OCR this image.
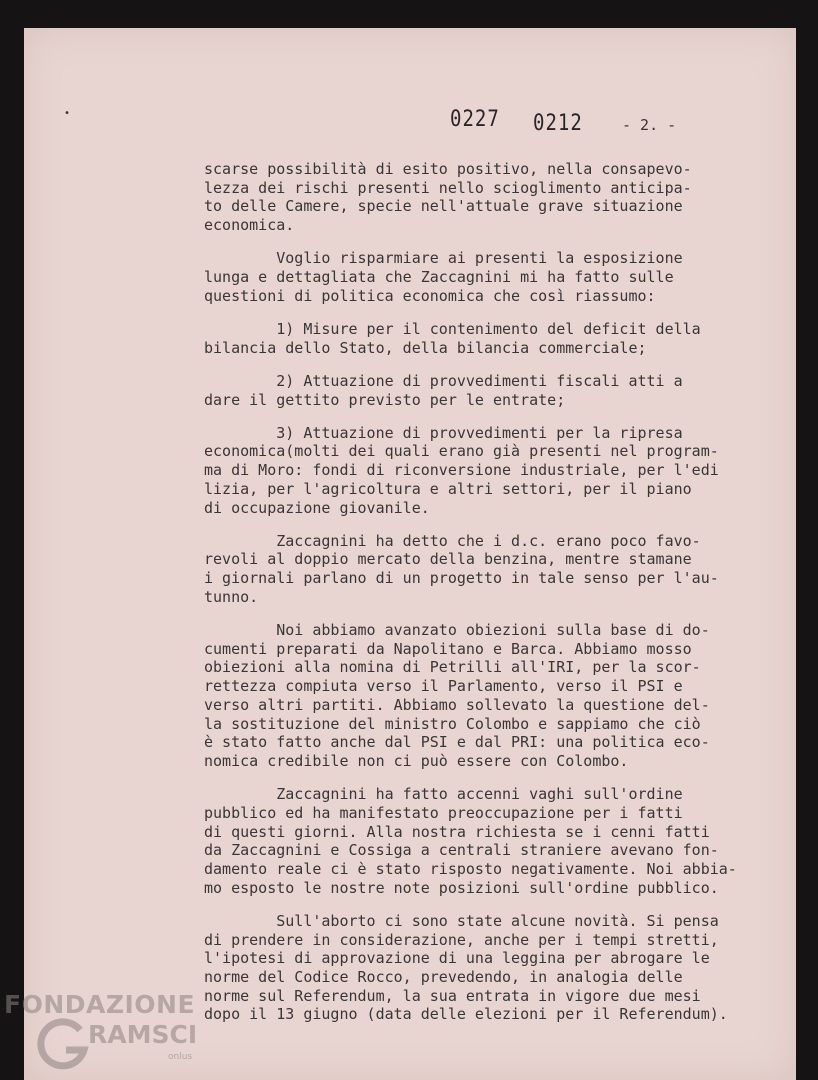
•	0227 0212	- 2. -
scarse possibilità di esito positivo, nella consapevo-
lezza dei rischi presenti nello scioglimento anticipa-
to delle Camere, specie nell'attuale grave situazione
economica.
Voglio risparmiare ai presenti la esposizione
lunga e dettagliata che Zaccagnini mi ha fatto sulle
questioni di politica economica che così riassumo:
1) Misure per il contenimento del deficit della
bilancia dello Stato, della bilancia commerciale;
2) Attuazione di provvedimenti fiscali atti a
dare il gettito previsto per le entrate;
3) Attuazione di provvedimenti per la ripresa
economica(molti dei quali erano già presenti nel program-
ma di Moro: fondi di riconversione industriale, per l'edi
lizia, per l'agricoltura e altri settori, per il piano
di occupazione giovanile.
Zaccagnini ha detto che i d.c. erano poco favo-
revoli al doppio mercato della benzina, mentre stamane
i giornali parlano di un progetto in tale senso per l'au-
tunno.
Noi abbiamo avanzato obiezioni sulla base di do-
cumenti preparati da Napolitano e Barca. Abbiamo mosso
obiezioni alla nomina di Petrilli all'IRI, per la scor-
rettezza compiuta verso il Parlamento, verso il PSI e
verso altri partiti. Abbiamo sollevato la questione del-
la sostituzione del ministro Colombo e sappiamo che ciò
è stato fatto anche dal PSI e dal PRI: una politica eco-
nomica credibile non ci può essere con Colombo.
Zaccagnini ha fatto accenni vaghi sull'ordine
pubblico ed ha manifestato preoccupazione per i fatti
di questi giorni. Alla nostra richiesta se i cenni fatti
da Zaccagnini e Cossiga a centrali straniere avevano fon-
damento reale ci è stato risposto negativamente. Noi abbia-
mo esposto le nostre note posizioni sull'ordine pubblico.
Sull'aborto ci sono state alcune novità. Si pensa
di prendere in considerazione, anche per i tempi stretti,
l'ipotesi di approvazione di una leggina per abrogare le
norme del Codice Rocco, prevedendo, in analogia delle
norme sul Referendum, la sua entrata in vigore due mesi
dopo il 13 giugno (data delle elezioni per il Referendum).
FONDAZIONE
RAMSCI
onlus
